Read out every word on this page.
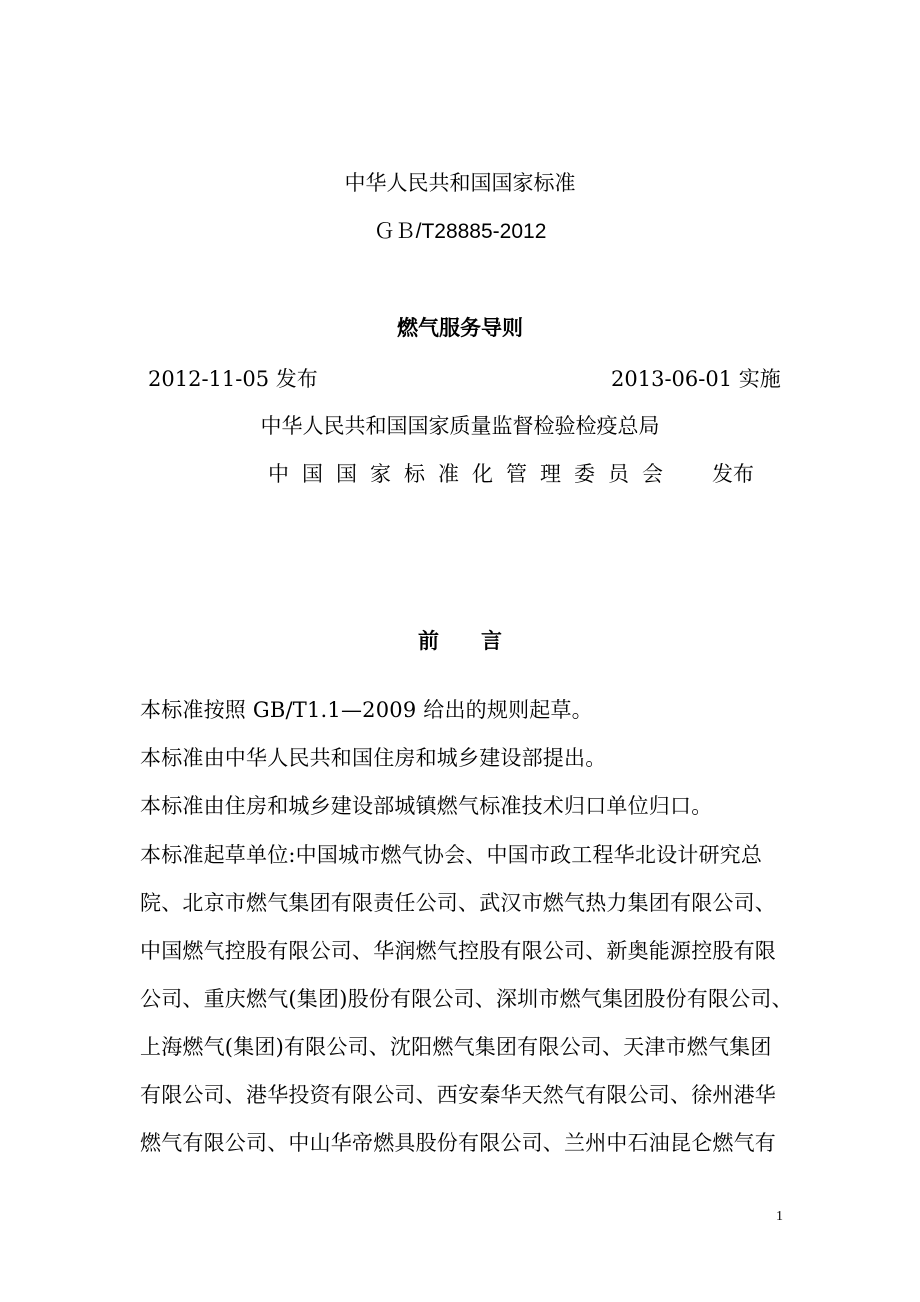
中华人民共和国国家标准
ＧＢ/T28885-2012
燃气服务导则
2012-11-05 发布	2013-06-01 实施
中华人民共和国国家质量监督检验检疫总局
中国国家标准化管理委员会 发布
前　　言
本标准按照 GB/T1.1—2009 给出的规则起草。
本标准由中华人民共和国住房和城乡建设部提出。
本标准由住房和城乡建设部城镇燃气标准技术归口单位归口。
本标准起草单位:中国城市燃气协会、中国市政工程华北设计研究总
院、北京市燃气集团有限责任公司、武汉市燃气热力集团有限公司、
中国燃气控股有限公司、华润燃气控股有限公司、新奥能源控股有限
公司、重庆燃气(集团)股份有限公司、深圳市燃气集团股份有限公司、
上海燃气(集团)有限公司、沈阳燃气集团有限公司、天津市燃气集团
有限公司、港华投资有限公司、西安秦华天然气有限公司、徐州港华
燃气有限公司、中山华帝燃具股份有限公司、兰州中石油昆仑燃气有
1
